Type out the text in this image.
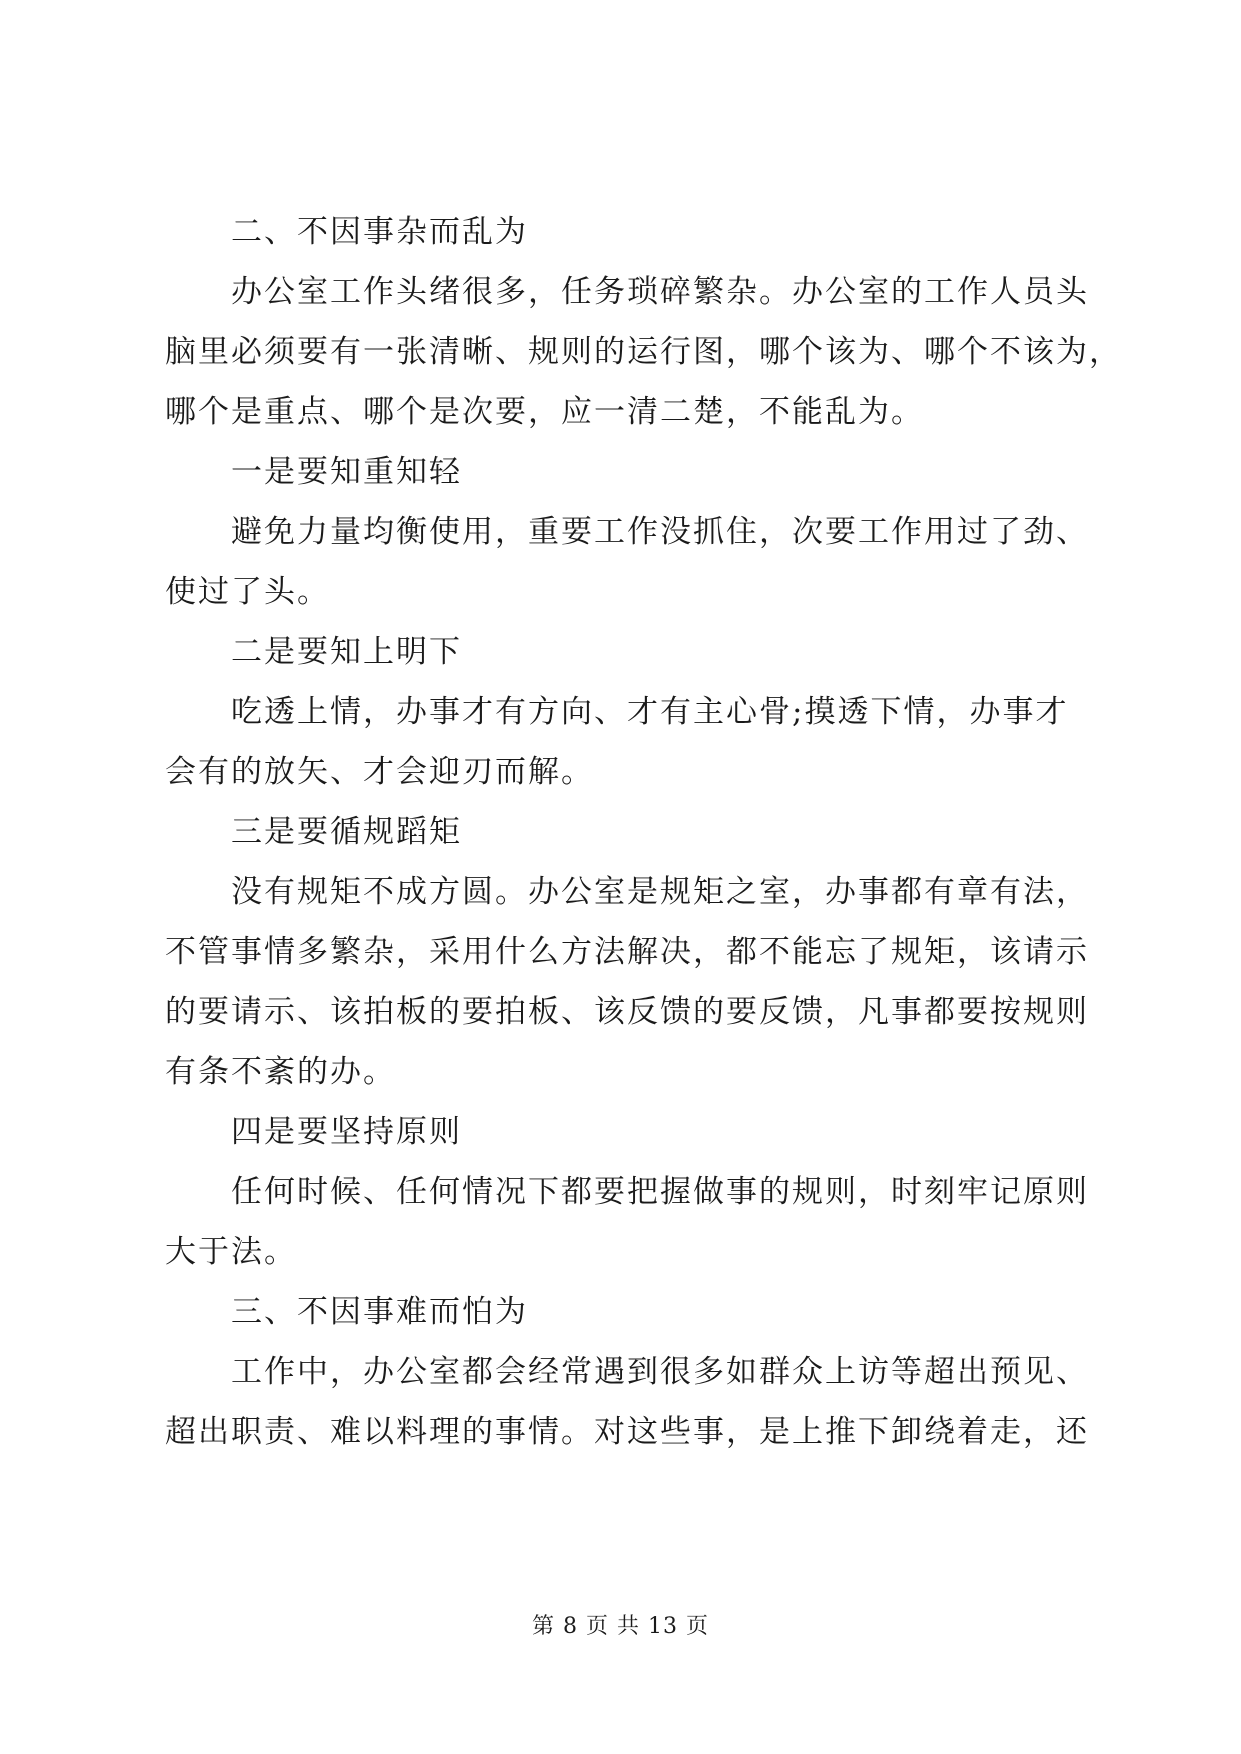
二、不因事杂而乱为
办公室工作头绪很多，任务琐碎繁杂。办公室的工作人员头
脑里必须要有一张清晰、规则的运行图，哪个该为、哪个不该为，
哪个是重点、哪个是次要，应一清二楚，不能乱为。
一是要知重知轻
避免力量均衡使用，重要工作没抓住，次要工作用过了劲、
使过了头。
二是要知上明下
吃透上情，办事才有方向、才有主心骨;摸透下情，办事才
会有的放矢、才会迎刃而解。
三是要循规蹈矩
没有规矩不成方圆。办公室是规矩之室，办事都有章有法，
不管事情多繁杂，采用什么方法解决，都不能忘了规矩，该请示
的要请示、该拍板的要拍板、该反馈的要反馈，凡事都要按规则
有条不紊的办。
四是要坚持原则
任何时候、任何情况下都要把握做事的规则，时刻牢记原则
大于法。
三、不因事难而怕为
工作中，办公室都会经常遇到很多如群众上访等超出预见、
超出职责、难以料理的事情。对这些事，是上推下卸绕着走，还
第 8 页 共 13 页
